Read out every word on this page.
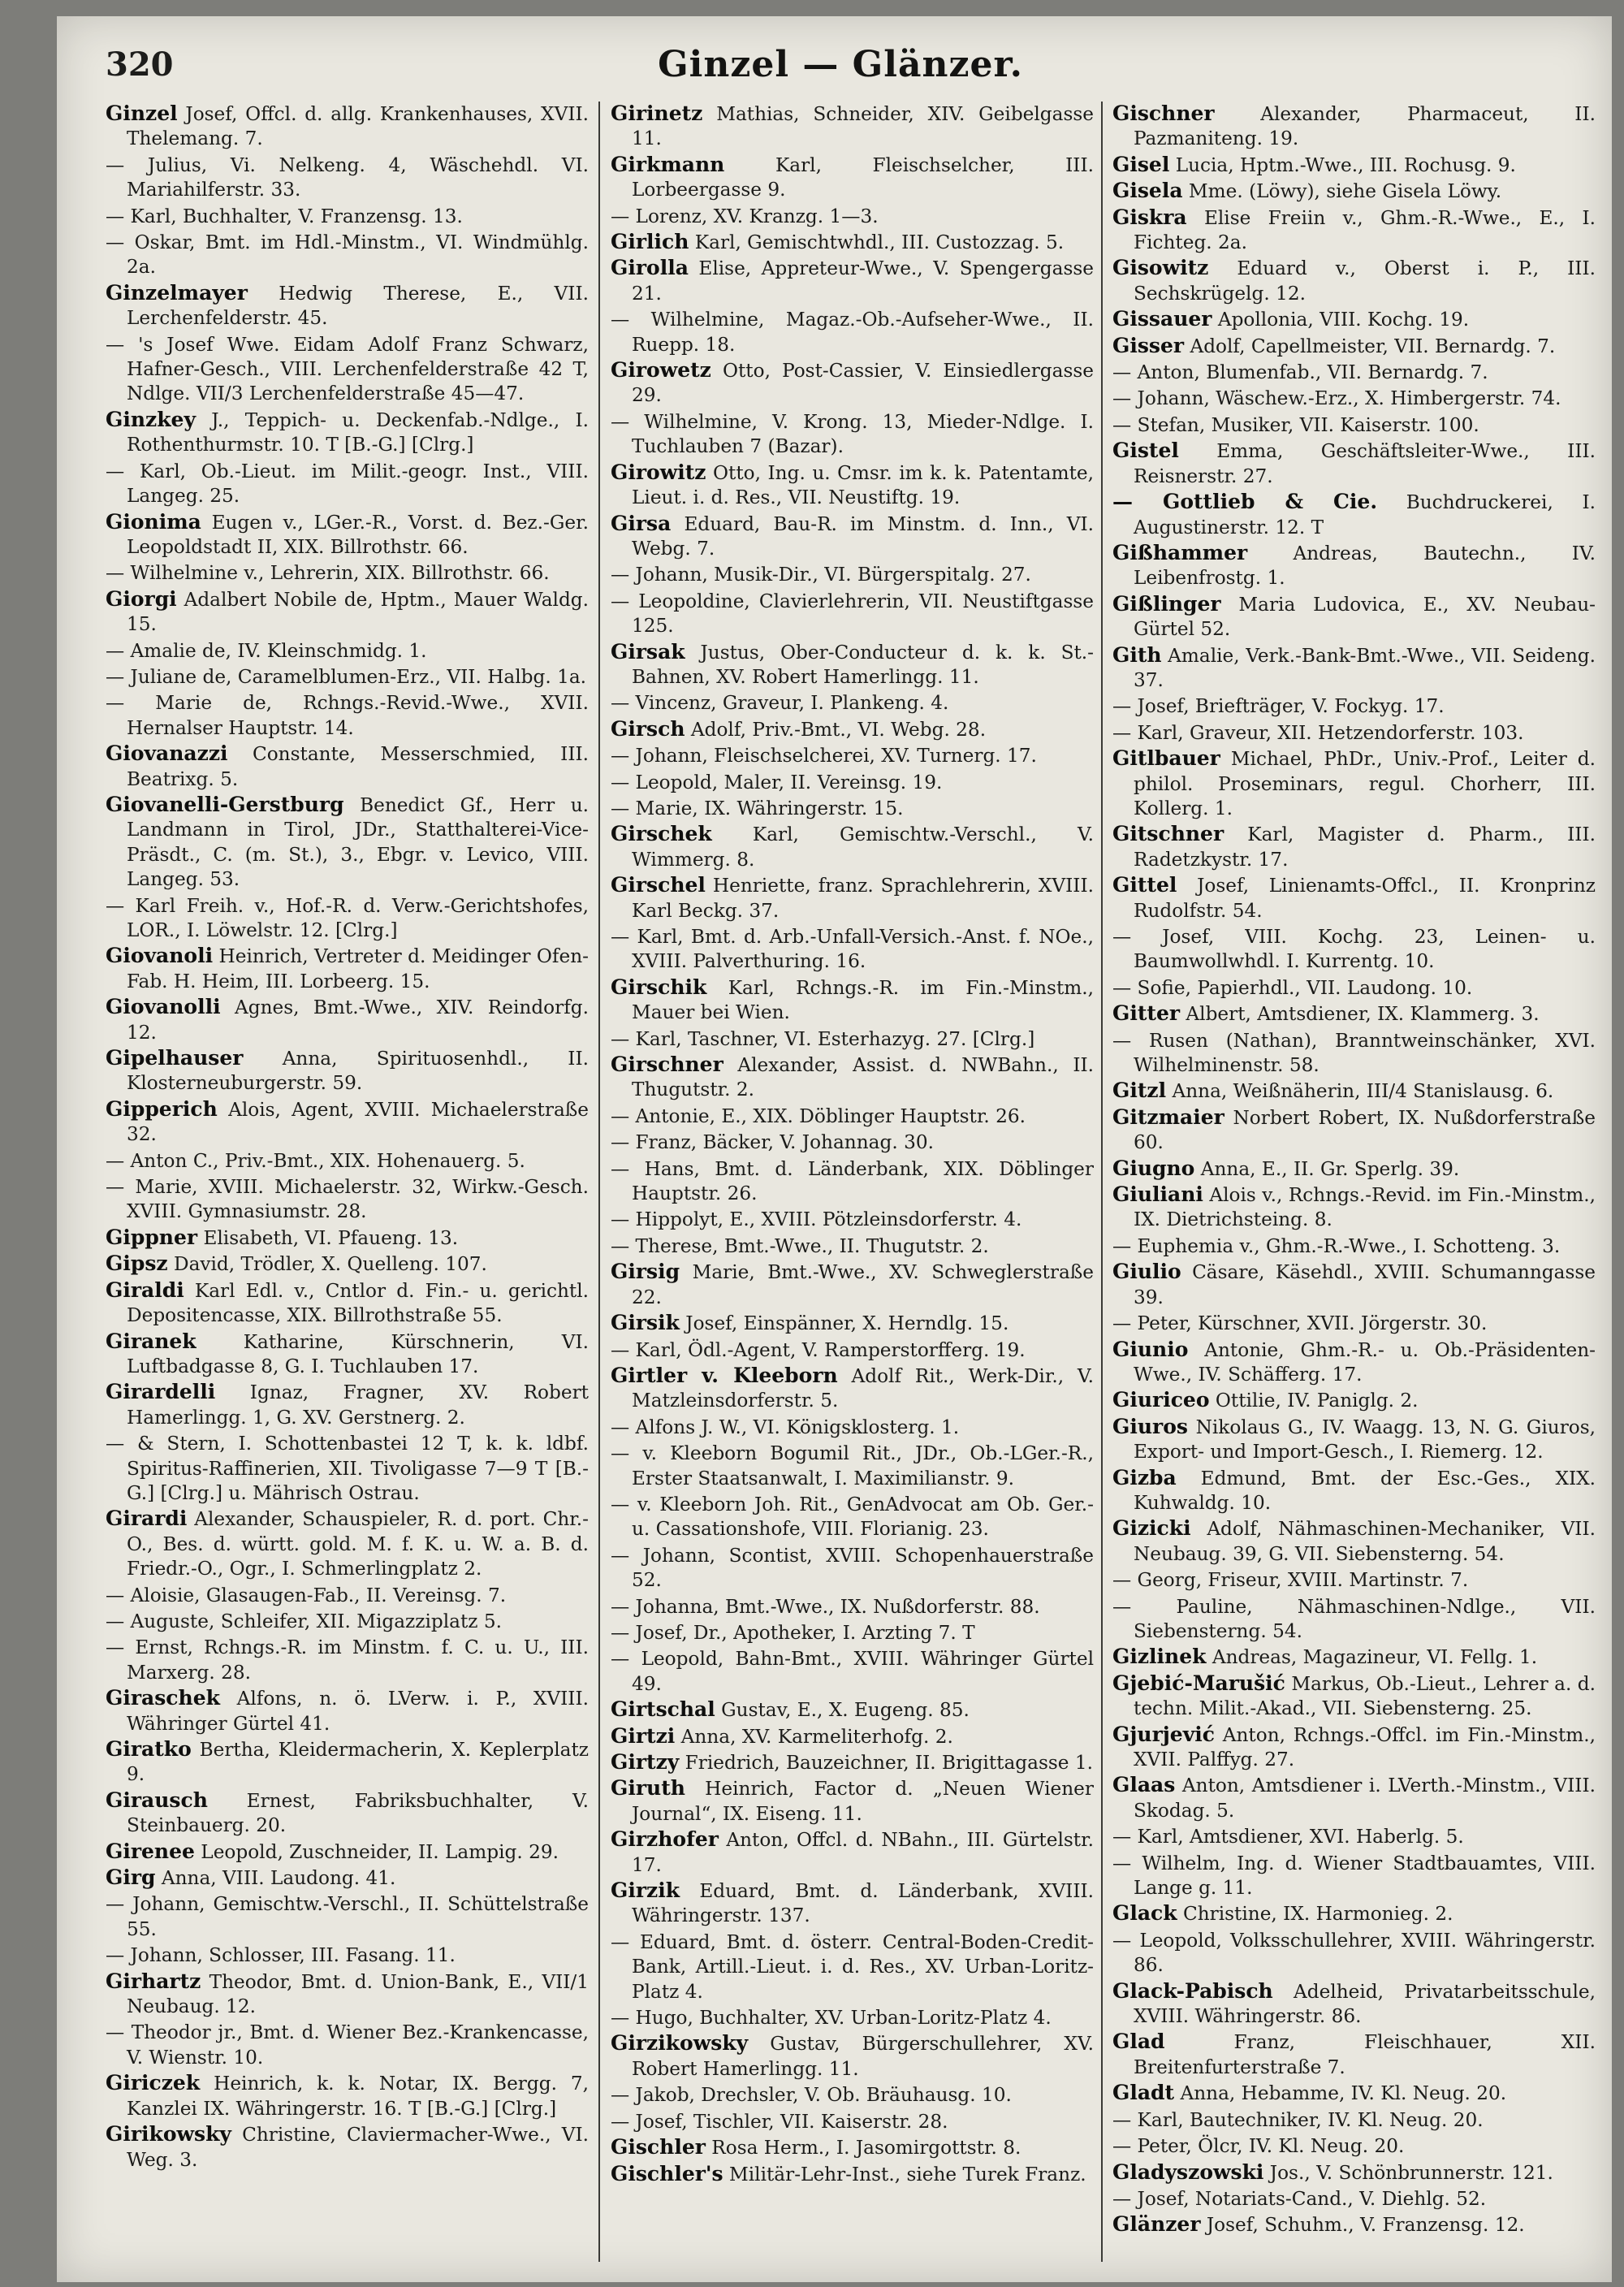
320	Ginzel — Glänzer.
Ginzel Josef, Offcl. d. allg. Krankenhauses, XVII. Thelemang. 7.
— Julius, Vi. Nelkeng. 4, Wäschehdl. VI. Mariahilferstr. 33.
— Karl, Buchhalter, V. Franzensg. 13.
— Oskar, Bmt. im Hdl.-Minstm., VI. Windmühlg. 2a.
Ginzelmayer Hedwig Therese, E., VII. Lerchenfelderstr. 45.
— 's Josef Wwe. Eidam Adolf Franz Schwarz, Hafner-Gesch., VIII. Lerchenfelderstraße 42 T, Ndlge. VII/3 Lerchenfelderstraße 45—47.
Ginzkey J., Teppich- u. Deckenfab.-Ndlge., I. Rothenthurmstr. 10. T [B.-G.] [Clrg.]
— Karl, Ob.-Lieut. im Milit.-geogr. Inst., VIII. Langeg. 25.
Gionima Eugen v., LGer.-R., Vorst. d. Bez.-Ger. Leopoldstadt II, XIX. Billrothstr. 66.
— Wilhelmine v., Lehrerin, XIX. Billrothstr. 66.
Giorgi Adalbert Nobile de, Hptm., Mauer Waldg. 15.
— Amalie de, IV. Kleinschmidg. 1.
— Juliane de, Caramelblumen-Erz., VII. Halbg. 1a.
— Marie de, Rchngs.-Revid.-Wwe., XVII. Hernalser Hauptstr. 14.
Giovanazzi Constante, Messerschmied, III. Beatrixg. 5.
Giovanelli-Gerstburg Benedict Gf., Herr u. Landmann in Tirol, JDr., Statthalterei-Vice-Präsdt., C. (m. St.), 3., Ebgr. v. Levico, VIII. Langeg. 53.
— Karl Freih. v., Hof.-R. d. Verw.-Gerichtshofes, LOR., I. Löwelstr. 12. [Clrg.]
Giovanoli Heinrich, Vertreter d. Meidinger Ofen-Fab. H. Heim, III. Lorbeerg. 15.
Giovanolli Agnes, Bmt.-Wwe., XIV. Reindorfg. 12.
Gipelhauser Anna, Spirituosenhdl., II. Klosterneuburgerstr. 59.
Gipperich Alois, Agent, XVIII. Michaelerstraße 32.
— Anton C., Priv.-Bmt., XIX. Hohenauerg. 5.
— Marie, XVIII. Michaelerstr. 32, Wirkw.-Gesch. XVIII. Gymnasiumstr. 28.
Gippner Elisabeth, VI. Pfaueng. 13.
Gipsz David, Trödler, X. Quelleng. 107.
Giraldi Karl Edl. v., Cntlor d. Fin.- u. gerichtl. Depositencasse, XIX. Billrothstraße 55.
Giranek	Katharine, Kürschnerin, VI. Luftbadgasse 8, G. I. Tuchlauben 17.
Girardelli Ignaz, Fragner, XV. Robert Hamerlingg. 1, G. XV. Gerstnerg. 2.
— & Stern, I. Schottenbastei 12 T, k. k. ldbf. Spiritus-Raffinerien, XII. Tivoligasse 7—9 T [B.-G.] [Clrg.] u. Mährisch Ostrau.
Girardi Alexander, Schauspieler, R. d. port. Chr.-O., Bes. d. württ. gold. M. f. K. u. W. a. B. d. Friedr.-O., Ogr., I. Schmerlingplatz 2.
— Aloisie, Glasaugen-Fab., II. Vereinsg. 7.
— Auguste, Schleifer, XII. Migazziplatz 5.
— Ernst, Rchngs.-R. im Minstm. f. C. u. U., III. Marxerg. 28.
Giraschek Alfons, n. ö. LVerw. i. P., XVIII. Währinger Gürtel 41.
Giratko Bertha, Kleidermacherin, X. Keplerplatz 9.
Girausch Ernest, Fabriksbuchhalter, V. Steinbauerg. 20.
Girenee Leopold, Zuschneider, II. Lampig. 29.
Girg Anna, VIII. Laudong. 41.
— Johann, Gemischtw.-Verschl., II. Schüttelstraße 55.
— Johann, Schlosser, III. Fasang. 11.
Girhartz Theodor, Bmt. d. Union-Bank, E., VII/1 Neubaug. 12.
— Theodor jr., Bmt. d. Wiener Bez.-Krankencasse, V. Wienstr. 10.
Giriczek Heinrich, k. k. Notar, IX. Bergg. 7, Kanzlei IX. Währingerstr. 16. T [B.-G.] [Clrg.]
Girikowsky Christine, Claviermacher-Wwe., VI. Weg. 3.
Girinetz Mathias, Schneider, XIV. Geibelgasse 11.
Girkmann	Karl, Fleischselcher, III. Lorbeergasse 9.
— Lorenz, XV. Kranzg. 1—3.
Girlich Karl, Gemischtwhdl., III. Custozzag. 5.
Girolla Elise, Appreteur-Wwe., V. Spengergasse 21.
— Wilhelmine, Magaz.-Ob.-Aufseher-Wwe., II. Ruepp. 18.
Girowetz Otto, Post-Cassier, V. Einsiedlergasse 29.
— Wilhelmine, V. Krong. 13, Mieder-Ndlge. I. Tuchlauben 7 (Bazar).
Girowitz Otto, Ing. u. Cmsr. im k. k. Patentamte, Lieut. i. d. Res., VII. Neustiftg. 19.
Girsa Eduard, Bau-R. im Minstm. d. Inn., VI. Webg. 7.
— Johann, Musik-Dir., VI. Bürgerspitalg. 27.
— Leopoldine, Clavierlehrerin, VII. Neustiftgasse 125.
Girsak Justus, Ober-Conducteur d. k. k. St.-Bahnen, XV. Robert Hamerlingg. 11.
— Vincenz, Graveur, I. Plankeng. 4.
Girsch Adolf, Priv.-Bmt., VI. Webg. 28.
— Johann, Fleischselcherei, XV. Turnerg. 17.
— Leopold, Maler, II. Vereinsg. 19.
— Marie, IX. Währingerstr. 15.
Girschek Karl, Gemischtw.-Verschl., V. Wimmerg. 8.
Girschel Henriette, franz. Sprachlehrerin, XVIII. Karl Beckg. 37.
— Karl, Bmt. d. Arb.-Unfall-Versich.-Anst. f. NOe., XVIII. Palverthuring. 16.
Girschik Karl, Rchngs.-R. im Fin.-Minstm., Mauer bei Wien.
— Karl, Taschner, VI. Esterhazyg. 27. [Clrg.]
Girschner Alexander, Assist. d. NWBahn., II. Thugutstr. 2.
— Antonie, E., XIX. Döblinger Hauptstr. 26.
— Franz, Bäcker, V. Johannag. 30.
— Hans, Bmt. d. Länderbank, XIX. Döblinger Hauptstr. 26.
— Hippolyt, E., XVIII. Pötzleinsdorferstr. 4.
— Therese, Bmt.-Wwe., II. Thugutstr. 2.
Girsig Marie, Bmt.-Wwe., XV. Schweglerstraße 22.
Girsik Josef, Einspänner, X. Herndlg. 15.
— Karl, Ödl.-Agent, V. Ramperstorfferg. 19.
Girtler v. Kleeborn Adolf Rit., Werk-Dir., V. Matzleinsdorferstr. 5.
— Alfons J. W., VI. Königsklosterg. 1.
— v. Kleeborn Bogumil Rit., JDr., Ob.-LGer.-R., Erster Staatsanwalt, I. Maximilianstr. 9.
— v. Kleeborn Joh. Rit., GenAdvocat am Ob. Ger.- u. Cassationshofe, VIII. Florianig. 23.
— Johann, Scontist, XVIII. Schopenhauerstraße 52.
— Johanna, Bmt.-Wwe., IX. Nußdorferstr. 88.
— Josef, Dr., Apotheker, I. Arzting 7. T
— Leopold, Bahn-Bmt., XVIII. Währinger Gürtel 49.
Girtschal Gustav, E., X. Eugeng. 85.
Girtzi Anna, XV. Karmeliterhofg. 2.
Girtzy Friedrich, Bauzeichner, II. Brigittagasse 1.
Giruth Heinrich, Factor d. „Neuen Wiener Journal“, IX. Eiseng. 11.
Girzhofer Anton, Offcl. d. NBahn., III. Gürtelstr. 17.
Girzik Eduard, Bmt. d. Länderbank, XVIII. Währingerstr. 137.
— Eduard, Bmt. d. österr. Central-Boden-Credit-Bank, Artill.-Lieut. i. d. Res., XV. Urban-Loritz-Platz 4.
— Hugo, Buchhalter, XV. Urban-Loritz-Platz 4.
Girzikowsky Gustav, Bürgerschullehrer, XV. Robert Hamerlingg. 11.
— Jakob, Drechsler, V. Ob. Bräuhausg. 10.
— Josef, Tischler, VII. Kaiserstr. 28.
Gischler Rosa Herm., I. Jasomirgottstr. 8.
Gischler's Militär-Lehr-Inst., siehe Turek Franz.
Gischner Alexander, Pharmaceut, II. Pazmaniteng. 19.
Gisel Lucia, Hptm.-Wwe., III. Rochusg. 9.
Gisela Mme. (Löwy), siehe Gisela Löwy.
Giskra Elise Freiin v., Ghm.-R.-Wwe., E., I. Fichteg. 2a.
Gisowitz Eduard v., Oberst i. P., III. Sechskrügelg. 12.
Gissauer Apollonia, VIII. Kochg. 19.
Gisser Adolf, Capellmeister, VII. Bernardg. 7.
— Anton, Blumenfab., VII. Bernardg. 7.
— Johann, Wäschew.-Erz., X. Himbergerstr. 74.
— Stefan, Musiker, VII. Kaiserstr. 100.
Gistel Emma, Geschäftsleiter-Wwe., III. Reisnerstr. 27.
— Gottlieb & Cie. Buchdruckerei, I. Augustinerstr. 12. T
Gißhammer Andreas, Bautechn., IV. Leibenfrostg. 1.
Gißlinger Maria Ludovica, E., XV. Neubau-Gürtel 52.
Gith Amalie, Verk.-Bank-Bmt.-Wwe., VII. Seideng. 37.
— Josef, Briefträger, V. Fockyg. 17.
— Karl, Graveur, XII. Hetzendorferstr. 103.
Gitlbauer Michael, PhDr., Univ.-Prof., Leiter d. philol. Proseminars, regul. Chorherr, III. Kollerg. 1.
Gitschner Karl, Magister d. Pharm., III. Radetzkystr. 17.
Gittel Josef, Linienamts-Offcl., II. Kronprinz Rudolfstr. 54.
— Josef, VIII. Kochg. 23, Leinen- u. Baumwollwhdl. I. Kurrentg. 10.
— Sofie, Papierhdl., VII. Laudong. 10.
Gitter Albert, Amtsdiener, IX. Klammerg. 3.
— Rusen (Nathan), Branntweinschänker, XVI. Wilhelminenstr. 58.
Gitzl Anna, Weißnäherin, III/4 Stanislausg. 6.
Gitzmaier Norbert Robert, IX. Nußdorferstraße 60.
Giugno Anna, E., II. Gr. Sperlg. 39.
Giuliani Alois v., Rchngs.-Revid. im Fin.-Minstm., IX. Dietrichsteing. 8.
— Euphemia v., Ghm.-R.-Wwe., I. Schotteng. 3.
Giulio Cäsare, Käsehdl., XVIII. Schumanngasse 39.
— Peter, Kürschner, XVII. Jörgerstr. 30.
Giunio Antonie, Ghm.-R.- u. Ob.-Präsidenten-Wwe., IV. Schäfferg. 17.
Giuriceo Ottilie, IV. Paniglg. 2.
Giuros Nikolaus G., IV. Waagg. 13, N. G. Giuros, Export- und Import-Gesch., I. Riemerg. 12.
Gizba Edmund, Bmt. der Esc.-Ges., XIX. Kuhwaldg. 10.
Gizicki Adolf, Nähmaschinen-Mechaniker, VII. Neubaug. 39, G. VII. Siebensterng. 54.
— Georg, Friseur, XVIII. Martinstr. 7.
— Pauline, Nähmaschinen-Ndlge., VII. Siebensterng. 54.
Gizlinek Andreas, Magazineur, VI. Fellg. 1.
Gjebić-Marušić Markus, Ob.-Lieut., Lehrer a. d. techn. Milit.-Akad., VII. Siebensterng. 25.
Gjurjević Anton, Rchngs.-Offcl. im Fin.-Minstm., XVII. Palffyg. 27.
Glaas Anton, Amtsdiener i. LVerth.-Minstm., VIII. Skodag. 5.
— Karl, Amtsdiener, XVI. Haberlg. 5.
— Wilhelm, Ing. d. Wiener Stadtbauamtes, VIII. Lange g. 11.
Glack Christine, IX. Harmonieg. 2.
— Leopold, Volksschullehrer, XVIII. Währingerstr. 86.
Glack-Pabisch Adelheid, Privatarbeitsschule, XVIII. Währingerstr. 86.
Glad	Franz, Fleischhauer, XII. Breitenfurterstraße 7.
Gladt Anna, Hebamme, IV. Kl. Neug. 20.
— Karl, Bautechniker, IV. Kl. Neug. 20.
— Peter, Ölcr, IV. Kl. Neug. 20.
Gladyszowski Jos., V. Schönbrunnerstr. 121.
— Josef, Notariats-Cand., V. Diehlg. 52.
Glänzer Josef, Schuhm., V. Franzensg. 12.
